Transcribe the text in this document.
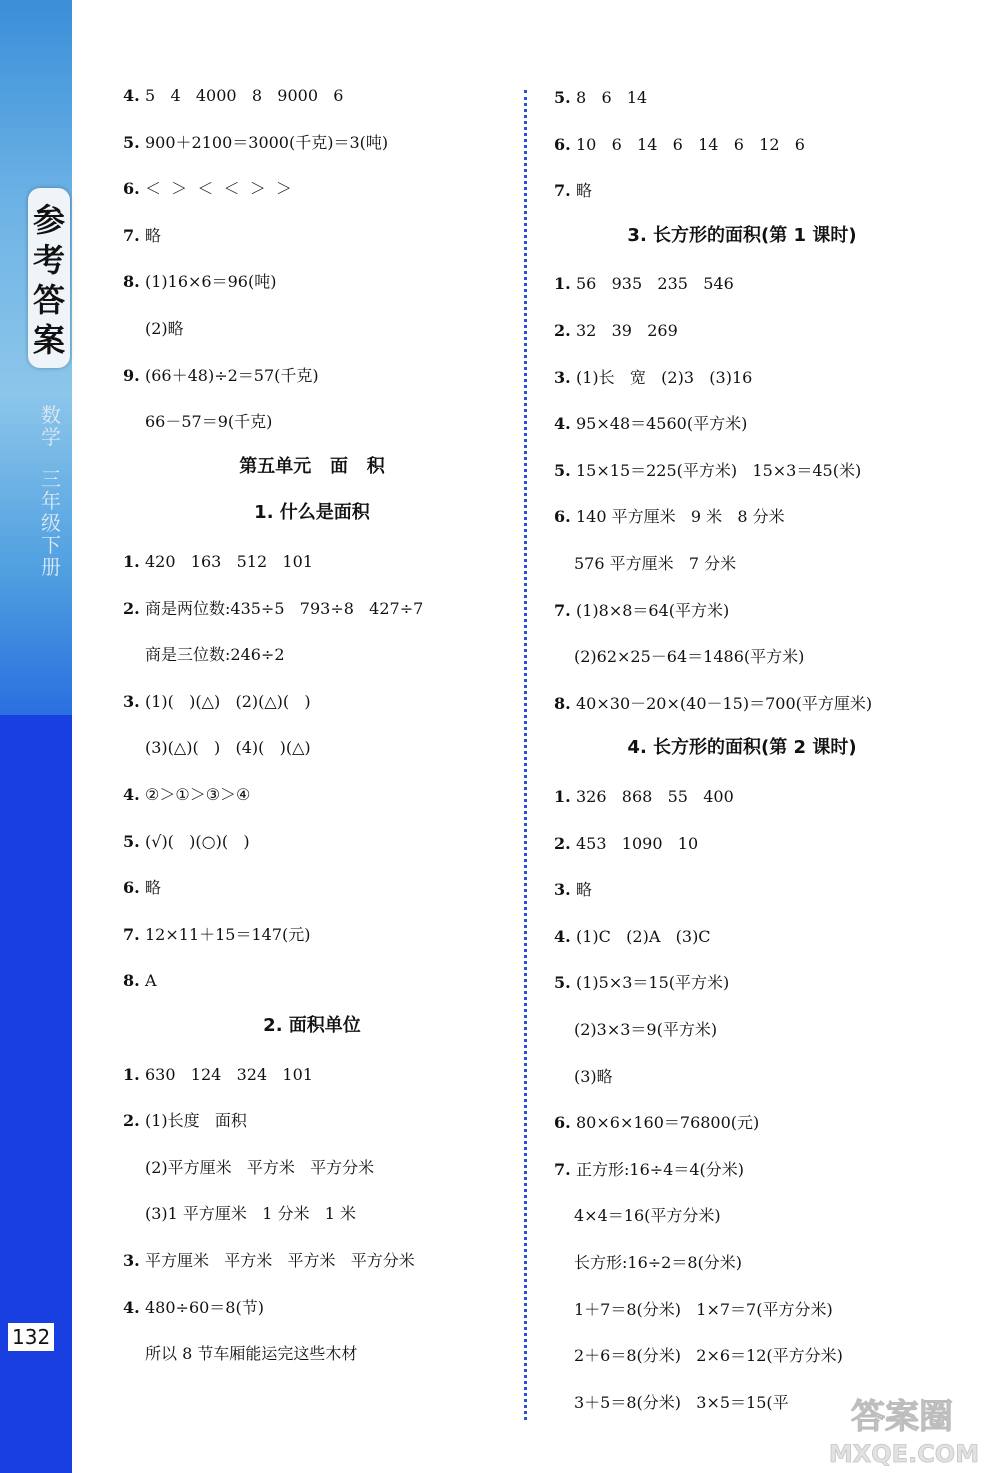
参
考
答
案
数
学
三
年
级
下
册
132
4. 5   4   4000   8   9000   6
5. 900＋2100＝3000(千克)＝3(吨)
6. ＜  ＞  ＜  ＜  ＞  ＞
7. 略
8. (1)16×6＝96(吨)
(2)略
9. (66＋48)÷2＝57(千克)
66－57＝9(千克)
第五单元   面   积
1. 什么是面积
1. 420   163   512   101
2. 商是两位数:435÷5   793÷8   427÷7
商是三位数:246÷2
3. (1)(   )(△)   (2)(△)(   )
(3)(△)(   )   (4)(   )(△)
4. ②＞①＞③＞④
5. (√)(   )(○)(   )
6. 略
7. 12×11＋15＝147(元)
8. A
2. 面积单位
1. 630   124   324   101
2. (1)长度   面积
(2)平方厘米   平方米   平方分米
(3)1 平方厘米   1 分米   1 米
3. 平方厘米   平方米   平方米   平方分米
4. 480÷60＝8(节)
所以 8 节车厢能运完这些木材
5. 8   6   14
6. 10   6   14   6   14   6   12   6
7. 略
3. 长方形的面积(第 1 课时)
1. 56   935   235   546
2. 32   39   269
3. (1)长   宽   (2)3   (3)16
4. 95×48＝4560(平方米)
5. 15×15＝225(平方米)   15×3＝45(米)
6. 140 平方厘米   9 米   8 分米
576 平方厘米   7 分米
7. (1)8×8＝64(平方米)
(2)62×25－64＝1486(平方米)
8. 40×30－20×(40－15)＝700(平方厘米)
4. 长方形的面积(第 2 课时)
1. 326   868   55   400
2. 453   1090   10
3. 略
4. (1)C   (2)A   (3)C
5. (1)5×3＝15(平方米)
(2)3×3＝9(平方米)
(3)略
6. 80×6×160＝76800(元)
7. 正方形:16÷4＝4(分米)
4×4＝16(平方分米)
长方形:16÷2＝8(分米)
1＋7＝8(分米)   1×7＝7(平方分米)
2＋6＝8(分米)   2×6＝12(平方分米)
3＋5＝8(分米)   3×5＝15(平 答案圈
MXQE.COM
